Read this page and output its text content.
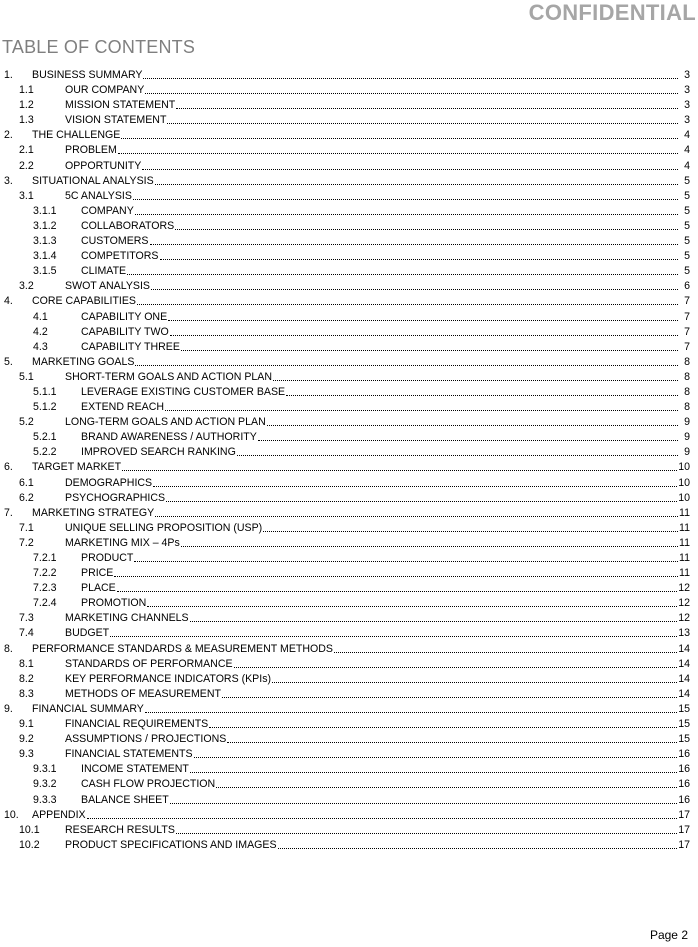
CONFIDENTIAL
TABLE OF CONTENTS
1. BUSINESS SUMMARY	3
1.1	OUR COMPANY	3
1.2	MISSION STATEMENT	3
1.3	VISION STATEMENT	3
2. THE CHALLENGE	4
2.1	PROBLEM	4
2.2	OPPORTUNITY	4
3. SITUATIONAL ANALYSIS	5
3.1	5C ANALYSIS	5
3.1.1 COMPANY	5
3.1.2 COLLABORATORS	5
3.1.3 CUSTOMERS	5
3.1.4 COMPETITORS	5
3.1.5 CLIMATE	5
3.2	SWOT ANALYSIS	6
4. CORE CAPABILITIES	7
4.1	CAPABILITY ONE	7
4.2	CAPABILITY TWO	7
4.3	CAPABILITY THREE	7
5. MARKETING GOALS	8
5.1	SHORT-TERM GOALS AND ACTION PLAN	8
5.1.1 LEVERAGE EXISTING CUSTOMER BASE	8
5.1.2 EXTEND REACH	8
5.2	LONG-TERM GOALS AND ACTION PLAN	9
5.2.1 BRAND AWARENESS / AUTHORITY	9
5.2.2 IMPROVED SEARCH RANKING	9
6. TARGET MARKET	10
6.1	DEMOGRAPHICS	10
6.2	PSYCHOGRAPHICS	10
7. MARKETING STRATEGY	11
7.1	UNIQUE SELLING PROPOSITION (USP)	11
7.2	MARKETING MIX – 4Ps	11
7.2.1 PRODUCT	11
7.2.2 PRICE	11
7.2.3 PLACE	12
7.2.4 PROMOTION	12
7.3	MARKETING CHANNELS	12
7.4	BUDGET	13
8. PERFORMANCE STANDARDS & MEASUREMENT METHODS	14
8.1	STANDARDS OF PERFORMANCE	14
8.2	KEY PERFORMANCE INDICATORS (KPIs)	14
8.3	METHODS OF MEASUREMENT	14
9. FINANCIAL SUMMARY	15
9.1	FINANCIAL REQUIREMENTS	15
9.2	ASSUMPTIONS / PROJECTIONS	15
9.3	FINANCIAL STATEMENTS	16
9.3.1 INCOME STATEMENT	16
9.3.2 CASH FLOW PROJECTION	16
9.3.3 BALANCE SHEET	16
10. APPENDIX	17
10.1 RESEARCH RESULTS	17
10.2 PRODUCT SPECIFICATIONS AND IMAGES	17
Page 2
